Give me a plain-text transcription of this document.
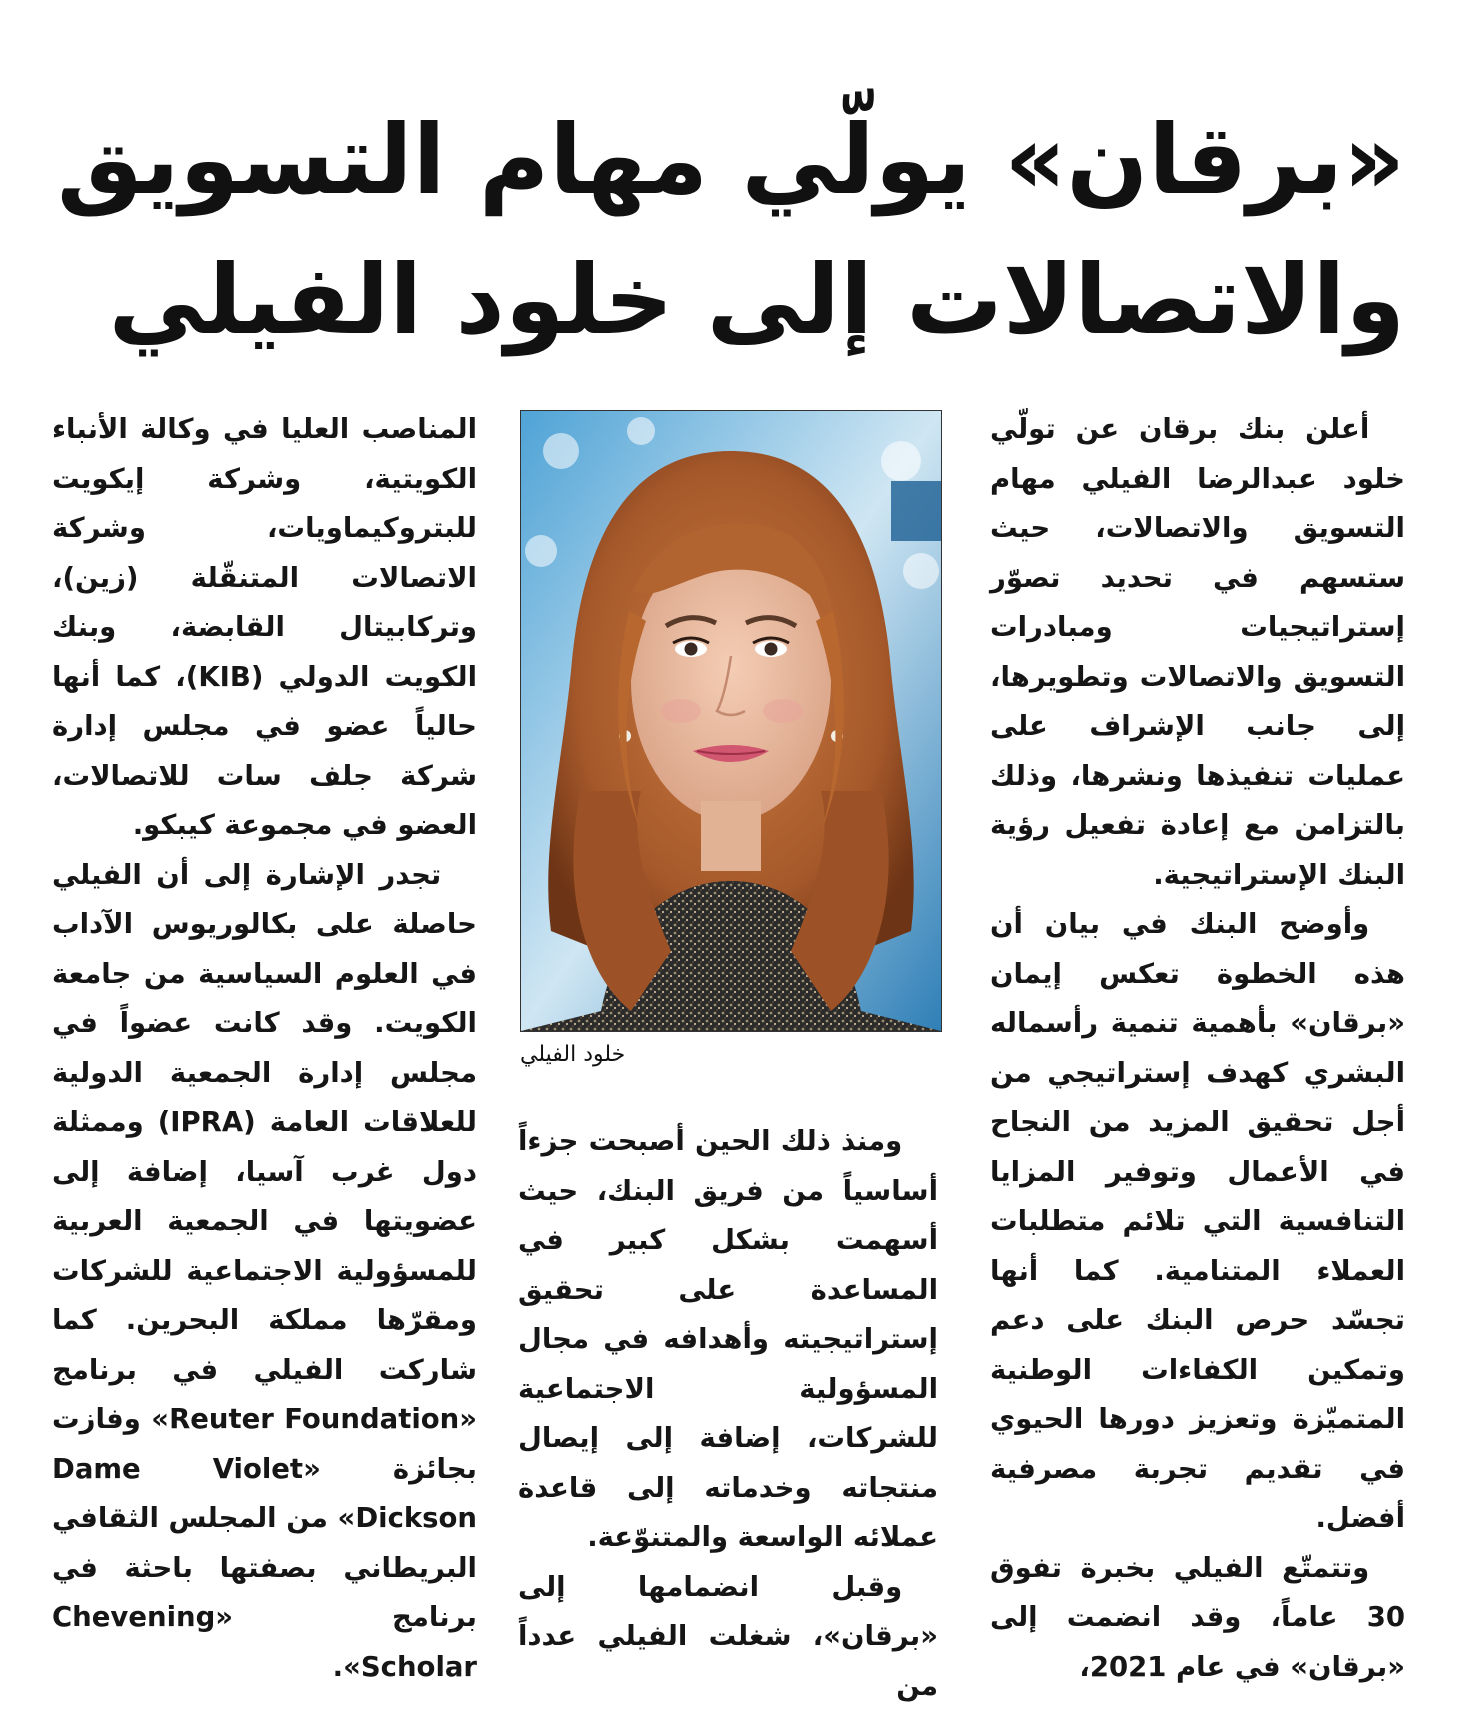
«برقان» يولّي مهام التسويق
والاتصالات إلى خلود الفيلي

أعلن بنك برقان عن تولّي خلود عبدالرضا الفيلي مهام التسويق والاتصالات، حيث ستسهم في تحديد تصوّر إستراتيجيات ومبادرات التسويق والاتصالات وتطويرها، إلى جانب الإشراف على عمليات تنفيذها ونشرها، وذلك بالتزامن مع إعادة تفعيل رؤية البنك الإستراتيجية.

وأوضح البنك في بيان أن هذه الخطوة تعكس إيمان «برقان» بأهمية تنمية رأسماله البشري كهدف إستراتيجي من أجل تحقيق المزيد من النجاح في الأعمال وتوفير المزايا التنافسية التي تلائم متطلبات العملاء المتنامية. كما أنها تجسّد حرص البنك على دعم وتمكين الكفاءات الوطنية المتميّزة وتعزيز دورها الحيوي في تقديم تجربة مصرفية أفضل.

وتتمتّع الفيلي بخبرة تفوق 30 عاماً، وقد انضمت إلى «برقان» في عام 2021،

خلود الفيلي

ومنذ ذلك الحين أصبحت جزءاً أساسياً من فريق البنك، حيث أسهمت بشكل كبير في المساعدة على تحقيق إستراتيجيته وأهدافه في مجال المسؤولية الاجتماعية للشركات، إضافة إلى إيصال منتجاته وخدماته إلى قاعدة عملائه الواسعة والمتنوّعة.

وقبل انضمامها إلى «برقان»، شغلت الفيلي عدداً من

المناصب العليا في وكالة الأنباء الكويتية، وشركة إيكويت للبتروكيماويات، وشركة الاتصالات المتنقّلة (زين)، وتركابيتال القابضة، وبنك الكويت الدولي (KIB)، كما أنها حالياً عضو في مجلس إدارة شركة جلف سات للاتصالات، العضو في مجموعة كيبكو.

تجدر الإشارة إلى أن الفيلي حاصلة على بكالوريوس الآداب في العلوم السياسية من جامعة الكويت. وقد كانت عضواً في مجلس إدارة الجمعية الدولية للعلاقات العامة (IPRA) وممثلة دول غرب آسيا، إضافة إلى عضويتها في الجمعية العربية للمسؤولية الاجتماعية للشركات ومقرّها مملكة البحرين. كما شاركت الفيلي في برنامج «Reuter Foundation» وفازت بجائزة «Dame Violet Dickson» من المجلس الثقافي البريطاني بصفتها باحثة في برنامج «Chevening Scholar».
